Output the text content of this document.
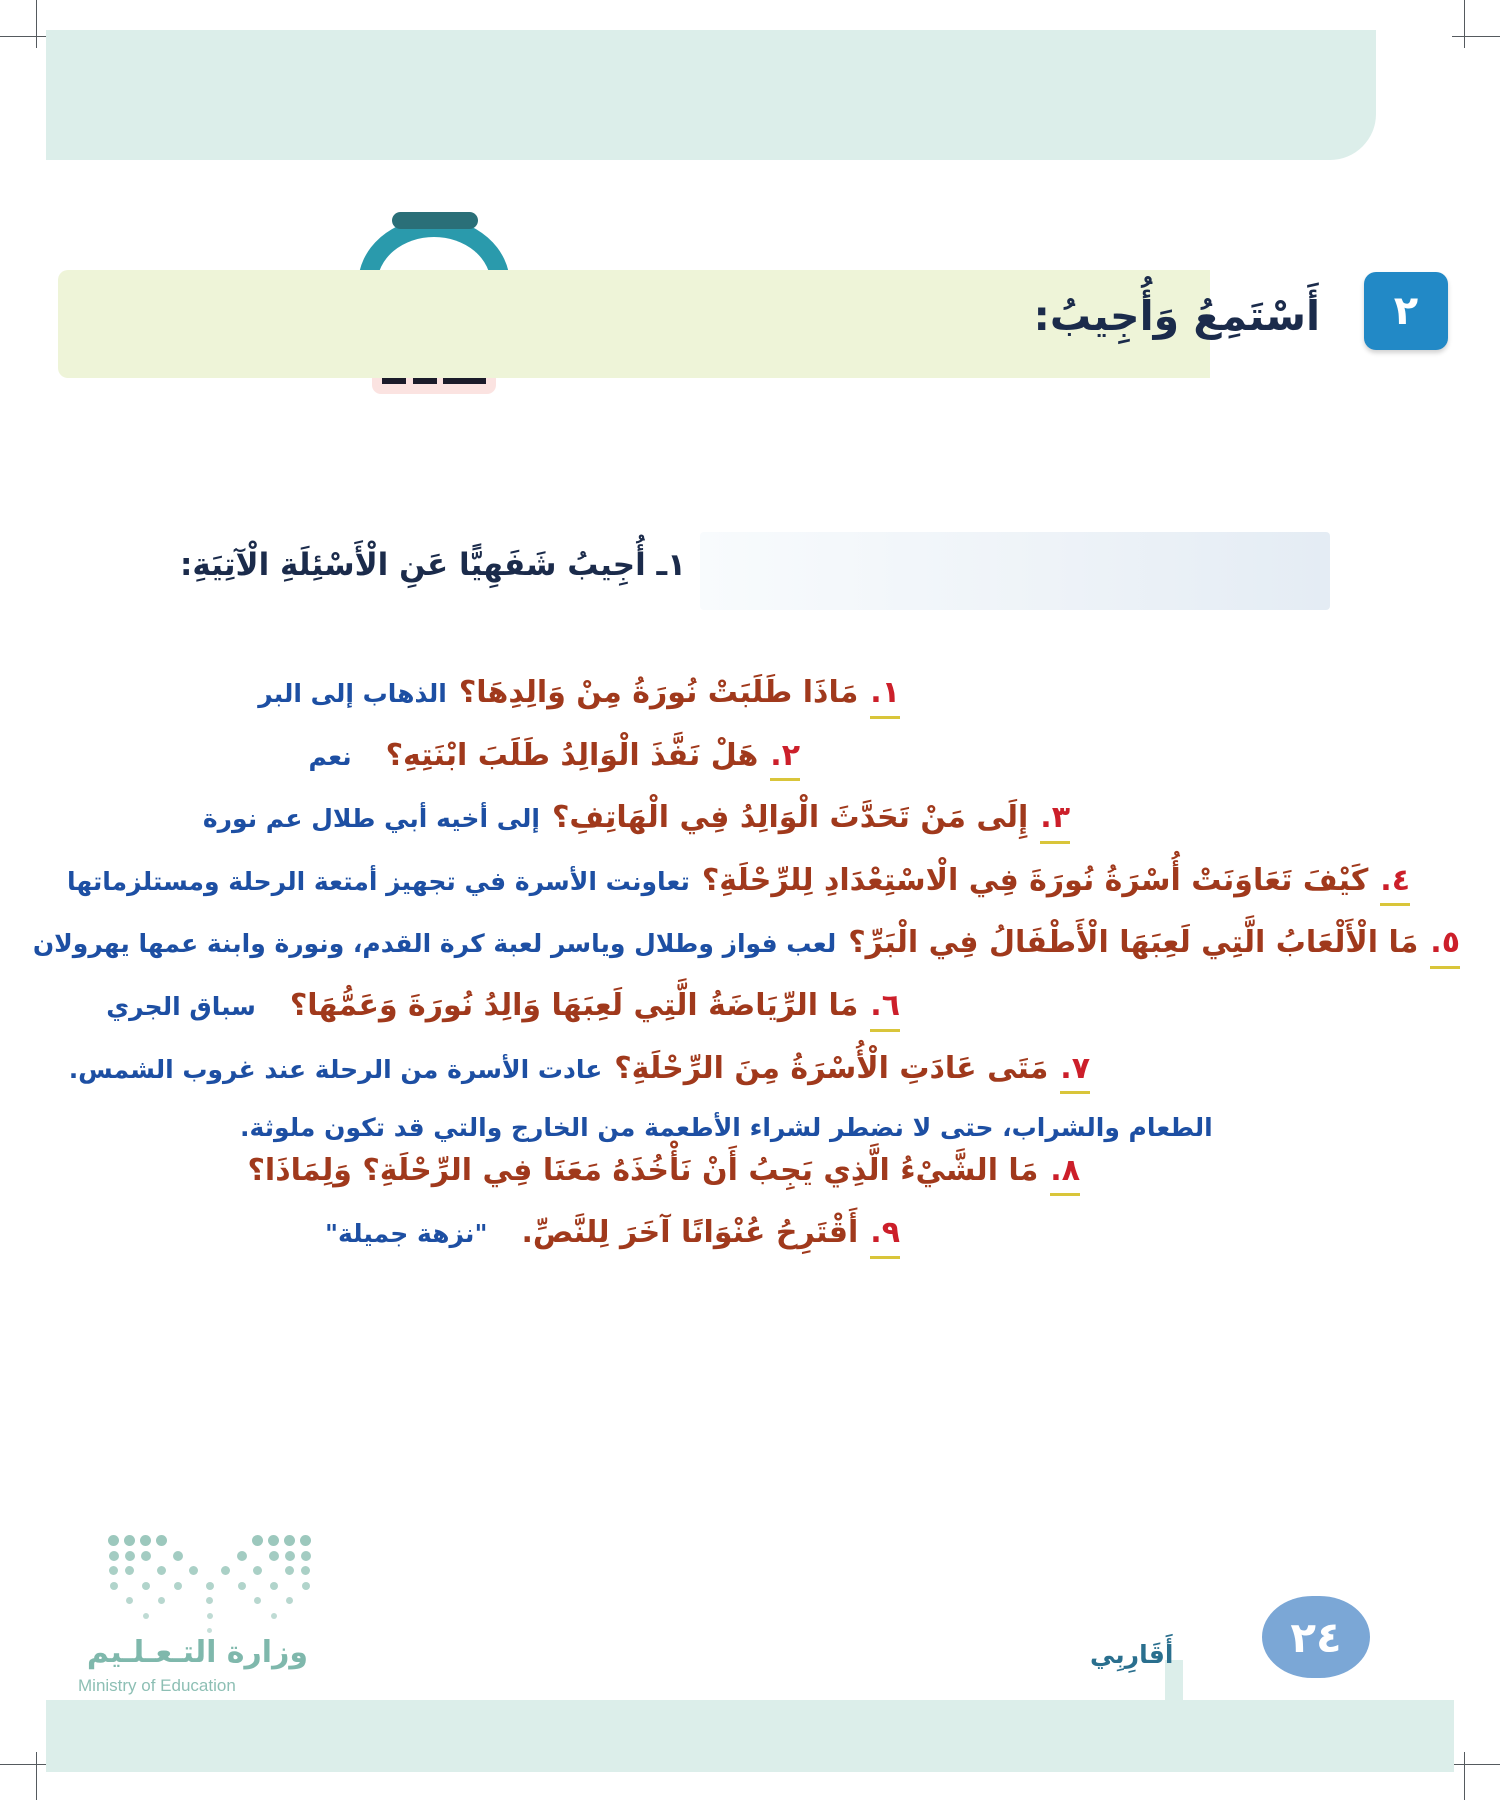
أَسْتَمِعُ وَأُجِيبُ:	٢
١ـ أُجِيبُ شَفَهِيًّا عَنِ الْأَسْئِلَةِ الْآتِيَةِ:
١.
مَاذَا طَلَبَتْ نُورَةُ مِنْ وَالِدِهَا؟
الذهاب إلى البر
٢.
هَلْ نَفَّذَ الْوَالِدُ طَلَبَ ابْنَتِهِ؟
نعم
٣.
إِلَى مَنْ تَحَدَّثَ الْوَالِدُ فِي الْهَاتِفِ؟
إلى أخيه أبي طلال عم نورة
٤.
كَيْفَ تَعَاوَنَتْ أُسْرَةُ نُورَةَ فِي الْاسْتِعْدَادِ لِلرِّحْلَةِ؟
تعاونت الأسرة في تجهيز أمتعة الرحلة ومستلزماتها
٥.
مَا الْأَلْعَابُ الَّتِي لَعِبَهَا الْأَطْفَالُ فِي الْبَرِّ؟
لعب فواز وطلال وياسر لعبة كرة القدم، ونورة وابنة عمها يهرولان
٦.
مَا الرِّيَاضَةُ الَّتِي لَعِبَهَا وَالِدُ نُورَةَ وَعَمُّهَا؟
سباق الجري
٧.
مَتَى عَادَتِ الْأُسْرَةُ مِنَ الرِّحْلَةِ؟
عادت الأسرة من الرحلة عند غروب الشمس.
الطعام والشراب، حتى لا نضطر لشراء الأطعمة من الخارج والتي قد تكون ملوثة.
٨.
مَا الشَّيْءُ الَّذِي يَجِبُ أَنْ نَأْخُذَهُ مَعَنَا فِي الرِّحْلَةِ؟ وَلِمَاذَا؟
٩.
أَقْتَرِحُ عُنْوَانًا آخَرَ لِلنَّصِّ.
"نزهة جميلة"
وزارة التـعـلـيم
Ministry of Education
أَقَارِبِي	٢٤
